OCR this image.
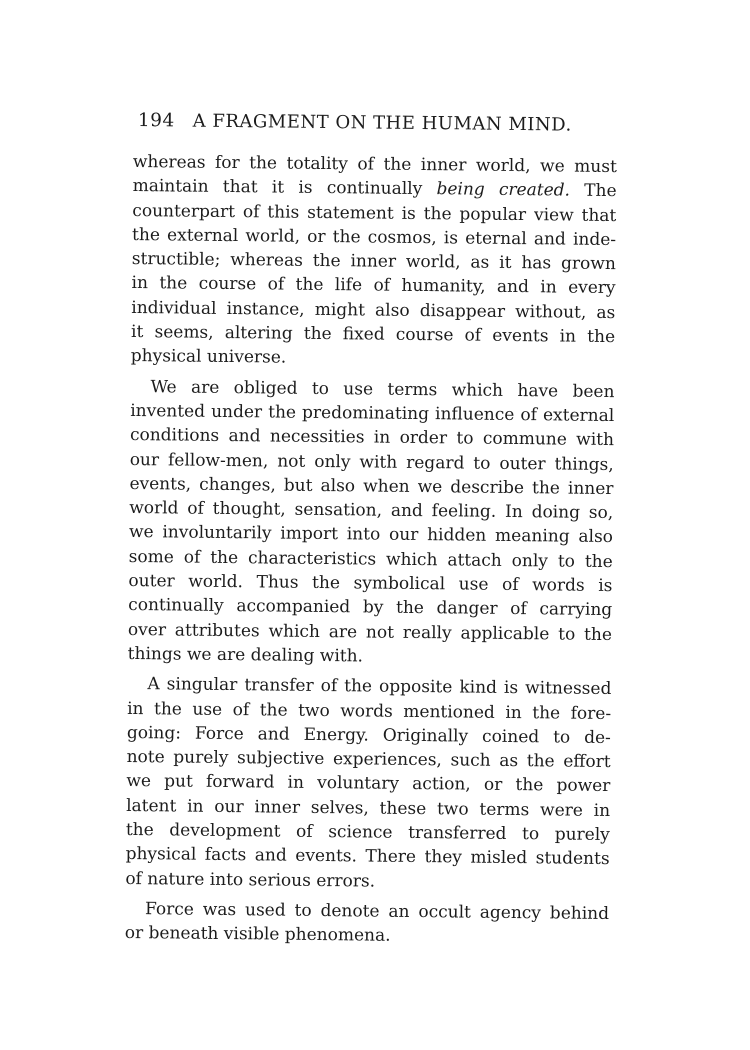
194 A FRAGMENT ON THE HUMAN MIND.
whereas for the totality of the inner world, we must
maintain that it is continually being created. The
counterpart of this statement is the popular view that
the external world, or the cosmos, is eternal and inde-
structible; whereas the inner world, as it has grown
in the course of the life of humanity, and in every
individual instance, might also disappear without, as
it seems, altering the fixed course of events in the
physical universe.
We are obliged to use terms which have been
invented under the predominating influence of external
conditions and necessities in order to commune with
our fellow-men, not only with regard to outer things,
events, changes, but also when we describe the inner
world of thought, sensation, and feeling. In doing so,
we involuntarily import into our hidden meaning also
some of the characteristics which attach only to the
outer world. Thus the symbolical use of words is
continually accompanied by the danger of carrying
over attributes which are not really applicable to the
things we are dealing with.
A singular transfer of the opposite kind is witnessed
in the use of the two words mentioned in the fore-
going: Force and Energy. Originally coined to de-
note purely subjective experiences, such as the effort
we put forward in voluntary action, or the power
latent in our inner selves, these two terms were in
the development of science transferred to purely
physical facts and events. There they misled students
of nature into serious errors.
Force was used to denote an occult agency behind
or beneath visible phenomena.
